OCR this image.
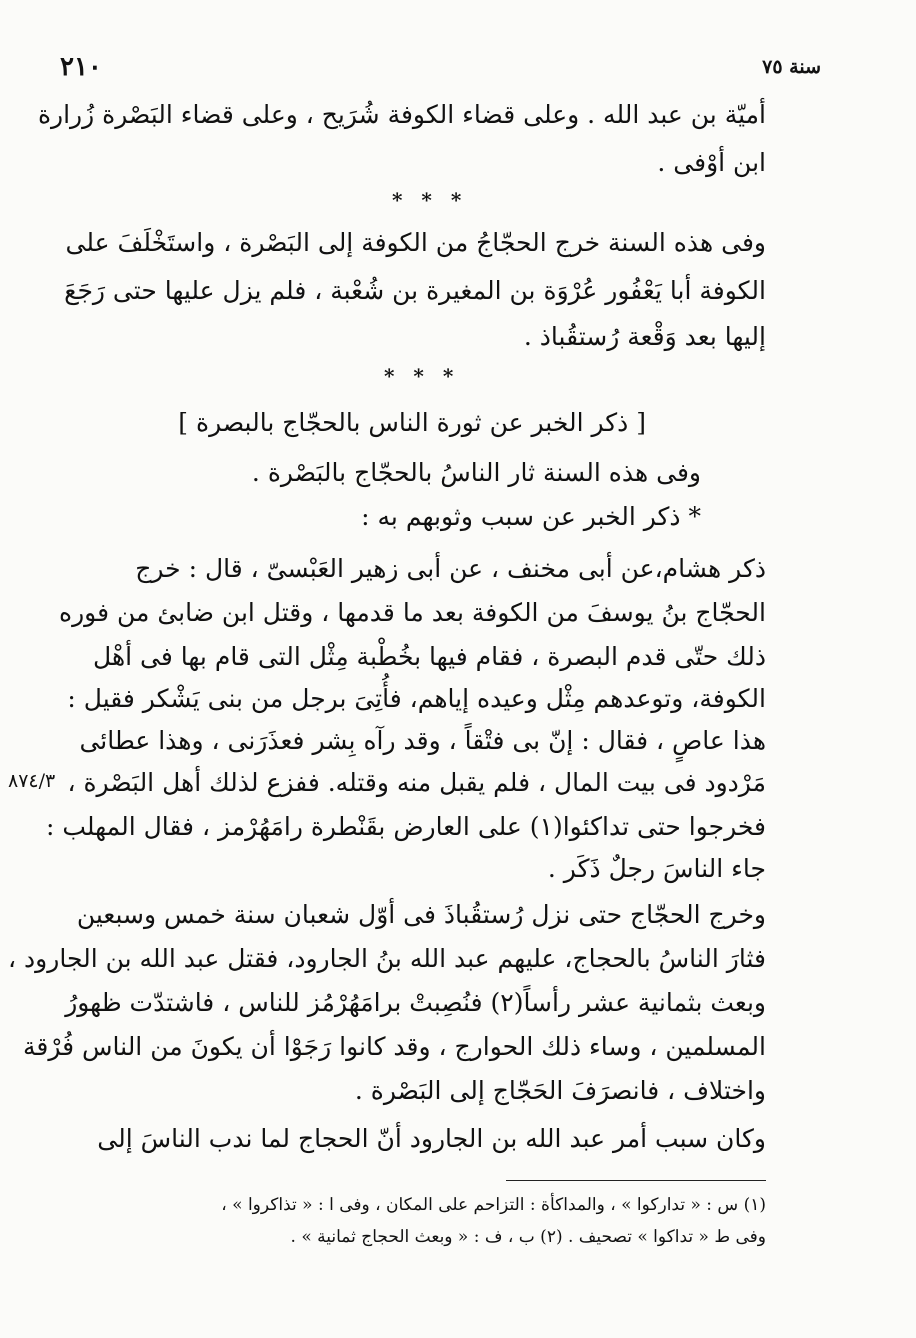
٢١٠	سنة ٧٥
أميّة بن عبد الله . وعلى قضاء الكوفة شُرَيح ، وعلى قضاء البَصْرة زُرارة
ابن أوْفى .
* * *
وفى هذه السنة خرج الحجّاجُ من الكوفة إلى البَصْرة ، واستَخْلَفَ على
الكوفة أبا يَعْفُور عُرْوَة بن المغيرة بن شُعْبة ، فلم يزل عليها حتى رَجَعَ
إليها بعد وَقْعة رُستقُباذ .
* * *
[ ذكر الخبر عن ثورة الناس بالحجّاج بالبصرة ]
وفى هذه السنة ثار الناسُ بالحجّاج بالبَصْرة .
* ذكر الخبر عن سبب وثوبهم به :
ذكر هشام،عن أبى مخنف ، عن أبى زهير العَبْسىّ ، قال : خرج
الحجّاج بنُ يوسفَ من الكوفة بعد ما قدمها ، وقتل ابن ضابئ من فوره
ذلك حتّى قدم البصرة ، فقام فيها بخُطْبة مِثْل التى قام بها فى أهْل
الكوفة، وتوعدهم مِثْل وعيده إياهم، فأُتِىَ برجل من بنى يَشْكر فقيل :
هذا عاصٍ ، فقال : إنّ بى فتْقاً ، وقد رآه بِشر فعذَرَنى ، وهذا عطائى
مَرْدود فى بيت المال ، فلم يقبل منه وقتله. ففزع لذلك أهل البَصْرة ،
فخرجوا حتى تداكئوا(١) على العارض بقَنْطرة رامَهُرْمز ، فقال المهلب :
جاء الناسَ رجلٌ ذَكَر .
٨٧٤/٣
وخرج الحجّاج حتى نزل رُستقُباذَ فى أوّل شعبان سنة خمس وسبعين
فثارَ الناسُ بالحجاج، عليهم عبد الله بنُ الجارود، فقتل عبد الله بن الجارود ،
وبعث بثمانية عشر رأساً(٢) فنُصِبتْ برامَهُرْمُز للناس ، فاشتدّت ظهورُ
المسلمين ، وساء ذلك الحوارج ، وقد كانوا رَجَوْا أن يكونَ من الناس فُرْقة
واختلاف ، فانصرَفَ الحَجّاج إلى البَصْرة .
وكان سبب أمر عبد الله بن الجارود أنّ الحجاج لما ندب الناسَ إلى
(١) س : « تداركوا » ، والمداكأة : التزاحم على المكان ، وفى ا : « تذاكروا » ،
وفى ط « تداكوا » تصحيف . (٢) ب ، ف : « وبعث الحجاج ثمانية » .
